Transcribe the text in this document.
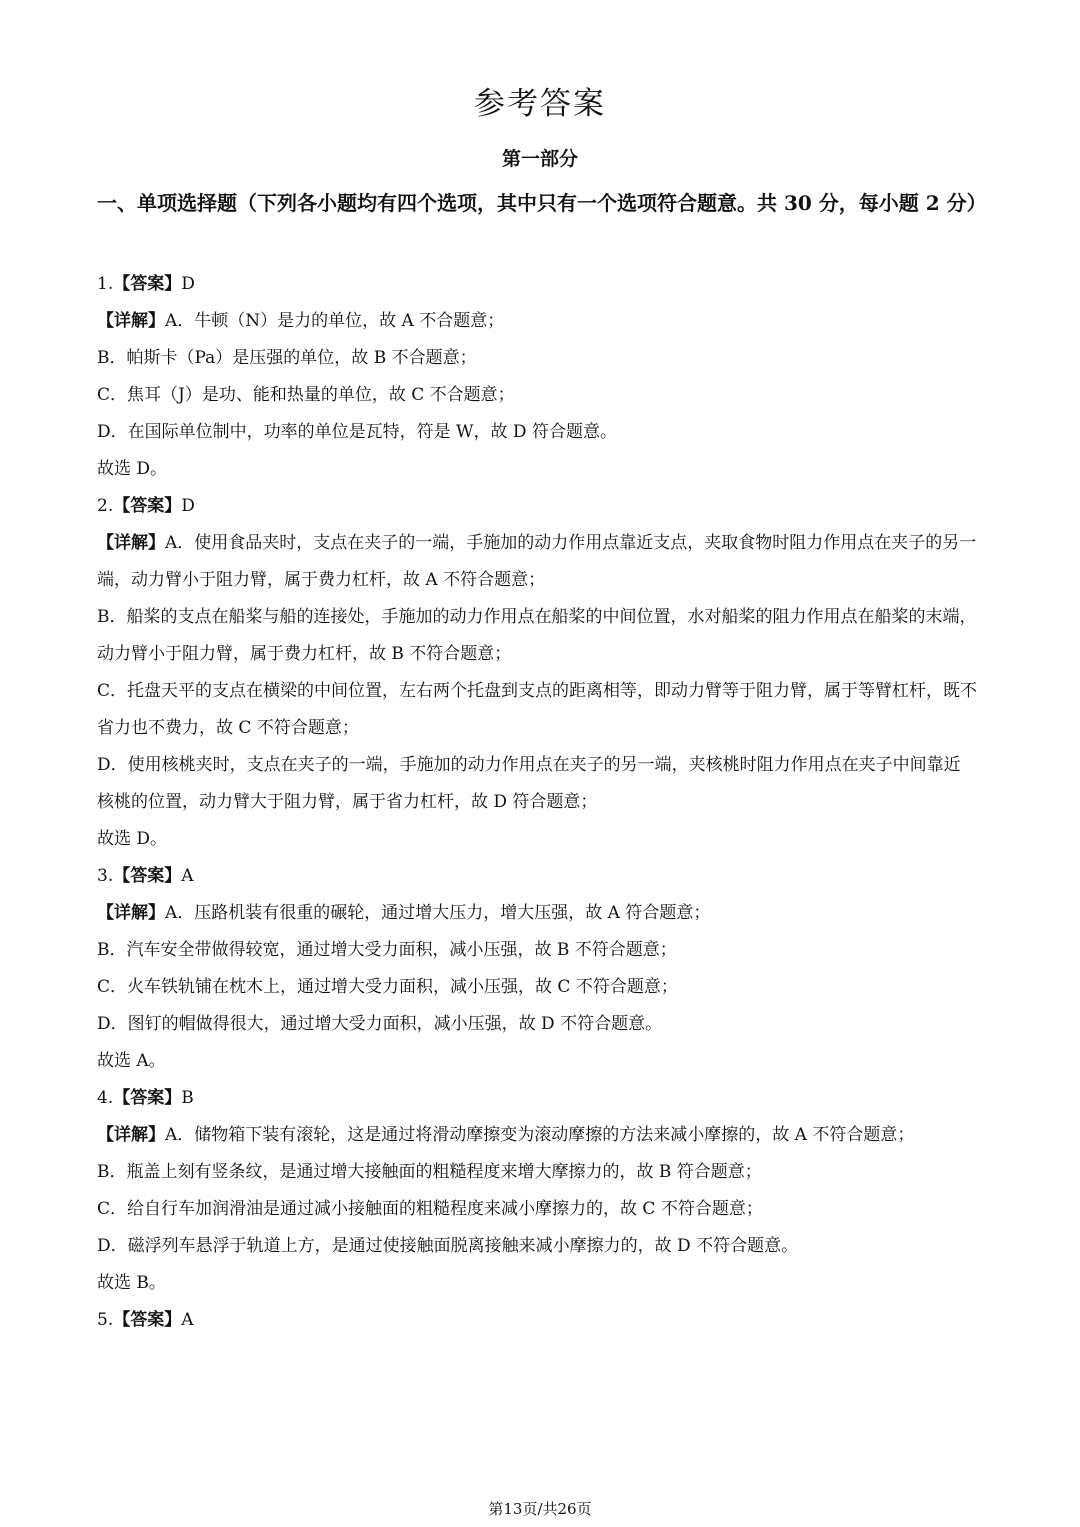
参考答案
第一部分
一、单项选择题（下列各小题均有四个选项，其中只有一个选项符合题意。共 30 分，每小题 2 分）

1.【答案】D

【详解】A．牛顿（N）是力的单位，故 A 不合题意；

B．帕斯卡（Pa）是压强的单位，故 B 不合题意；

C．焦耳（J）是功、能和热量的单位，故 C 不合题意；

D．在国际单位制中，功率的单位是瓦特，符是 W，故 D 符合题意。

故选 D。

2.【答案】D

【详解】A．使用食品夹时，支点在夹子的一端，手施加的动力作用点靠近支点，夹取食物时阻力作用点在夹子的另一端，动力臂小于阻力臂，属于费力杠杆，故 A 不符合题意；

B．船桨的支点在船桨与船的连接处，手施加的动力作用点在船桨的中间位置，水对船桨的阻力作用点在船桨的末端，动力臂小于阻力臂，属于费力杠杆，故 B 不符合题意；

C．托盘天平的支点在横梁的中间位置，左右两个托盘到支点的距离相等，即动力臂等于阻力臂，属于等臂杠杆，既不省力也不费力，故 C 不符合题意；

D．使用核桃夹时，支点在夹子的一端，手施加的动力作用点在夹子的另一端，夹核桃时阻力作用点在夹子中间靠近核桃的位置，动力臂大于阻力臂，属于省力杠杆，故 D 符合题意；

故选 D。

3.【答案】A

【详解】A．压路机装有很重的碾轮，通过增大压力，增大压强，故 A 符合题意；

B．汽车安全带做得较宽，通过增大受力面积，减小压强，故 B 不符合题意；

C．火车铁轨铺在枕木上，通过增大受力面积，减小压强，故 C 不符合题意；

D．图钉的帽做得很大，通过增大受力面积，减小压强，故 D 不符合题意。

故选 A。

4.【答案】B

【详解】A．储物箱下装有滚轮，这是通过将滑动摩擦变为滚动摩擦的方法来减小摩擦的，故 A 不符合题意；

B．瓶盖上刻有竖条纹，是通过增大接触面的粗糙程度来增大摩擦力的，故 B 符合题意；

C．给自行车加润滑油是通过减小接触面的粗糙程度来减小摩擦力的，故 C 不符合题意；

D．磁浮列车悬浮于轨道上方，是通过使接触面脱离接触来减小摩擦力的，故 D 不符合题意。

故选 B。

5.【答案】A

第13页/共26页
